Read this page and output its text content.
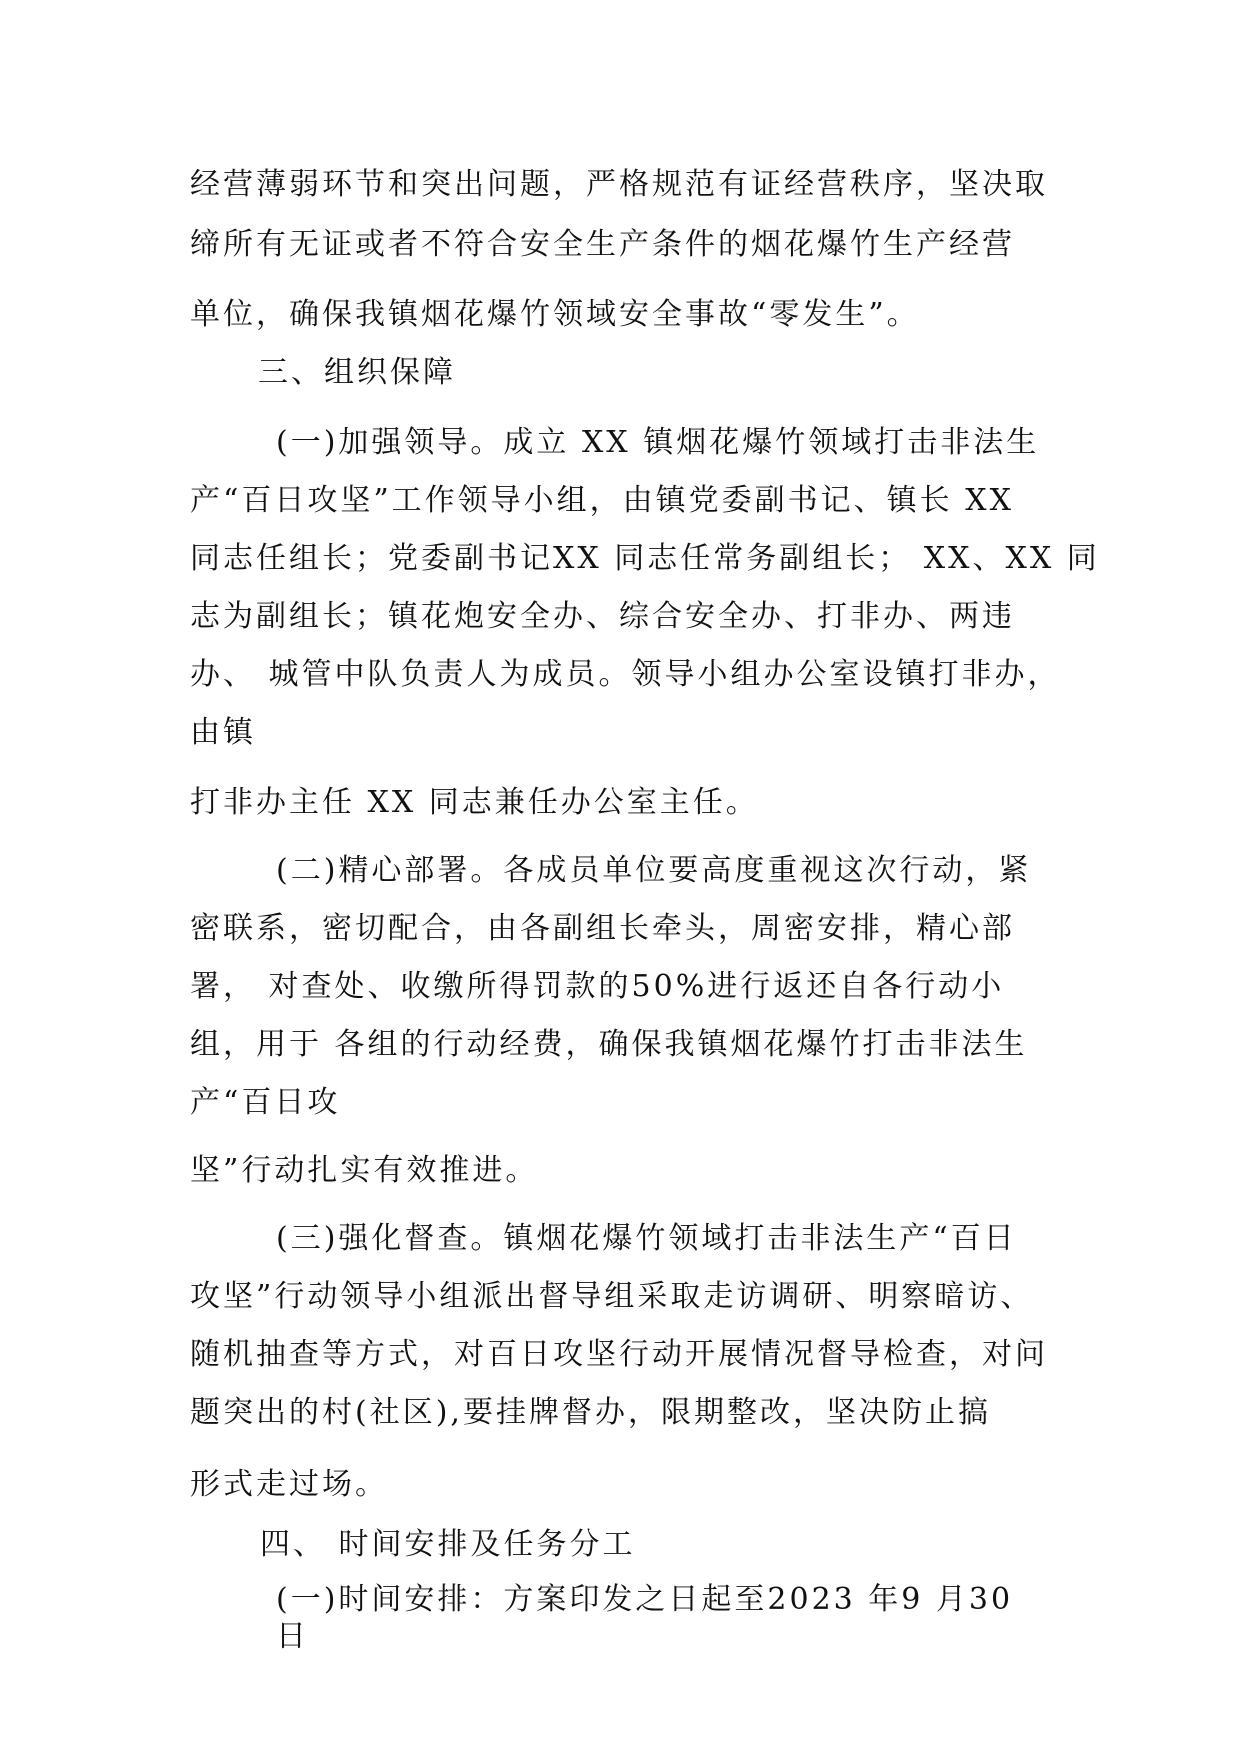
经营薄弱环节和突出问题，严格规范有证经营秩序，坚决取

缔所有无证或者不符合安全生产条件的烟花爆竹生产经营

单位，确保我镇烟花爆竹领域安全事故“零发生”。

三、组织保障

(一)加强领导。成立 XX 镇烟花爆竹领域打击非法生

产“百日攻坚”工作领导小组，由镇党委副书记、镇长 XX

同志任组长；党委副书记XX 同志任常务副组长； XX、XX 同

志为副组长；镇花炮安全办、综合安全办、打非办、两违

办、 城管中队负责人为成员。领导小组办公室设镇打非办，

由镇

打非办主任 XX 同志兼任办公室主任。

(二)精心部署。各成员单位要高度重视这次行动，紧

密联系，密切配合，由各副组长牵头，周密安排，精心部

署， 对查处、收缴所得罚款的50%进行返还自各行动小

组，用于 各组的行动经费，确保我镇烟花爆竹打击非法生

产“百日攻

坚”行动扎实有效推进。

(三)强化督查。镇烟花爆竹领域打击非法生产“百日

攻坚”行动领导小组派出督导组采取走访调研、明察暗访、

随机抽查等方式，对百日攻坚行动开展情况督导检查，对问

题突出的村(社区),要挂牌督办，限期整改，坚决防止搞

形式走过场。

四、 时间安排及任务分工

(一)时间安排：方案印发之日起至2023 年9 月30

日
